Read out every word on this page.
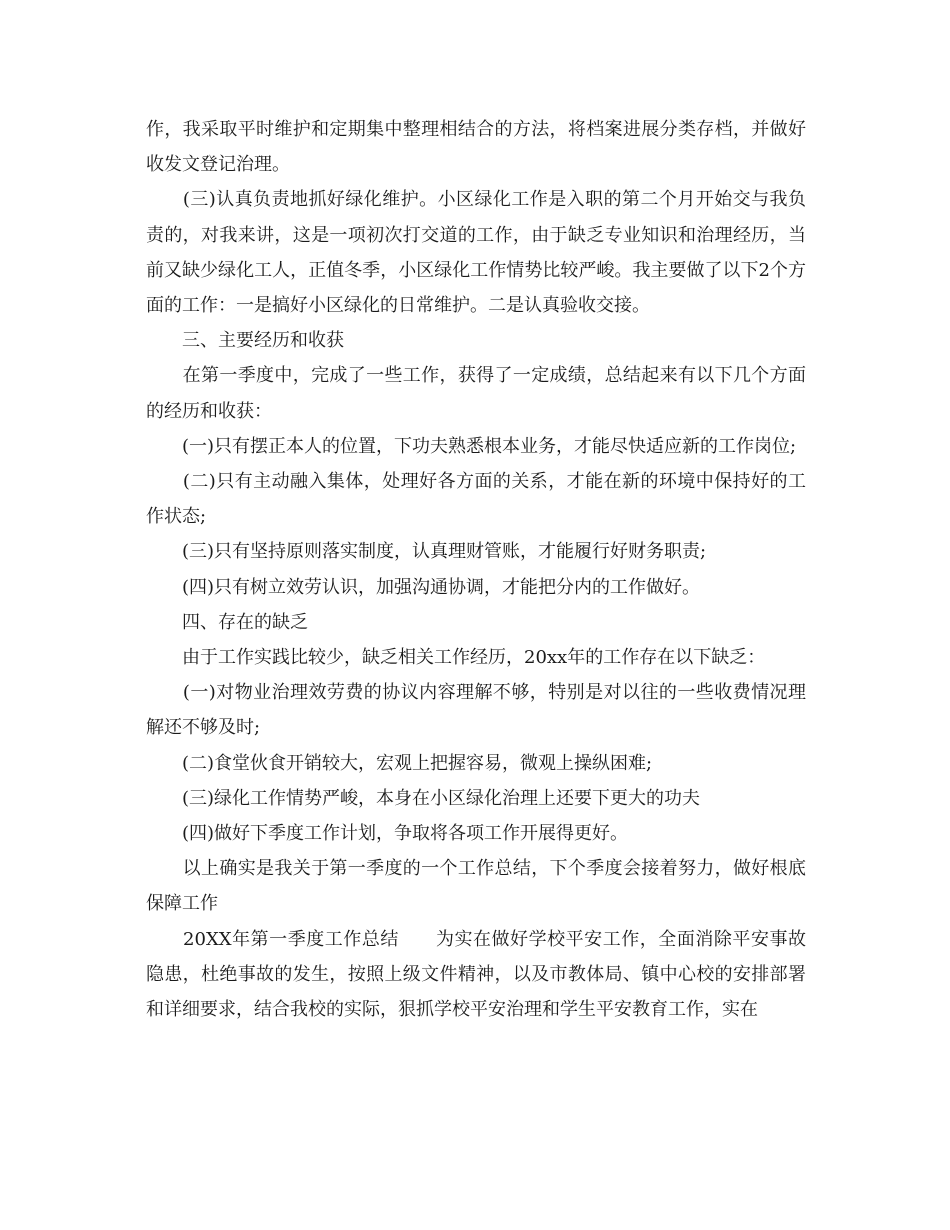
作，我采取平时维护和定期集中整理相结合的方法，将档案进展分类存档，并做好收发文登记治理。

　　(三)认真负责地抓好绿化维护。小区绿化工作是入职的第二个月开始交与我负责的，对我来讲，这是一项初次打交道的工作，由于缺乏专业知识和治理经历，当前又缺少绿化工人，正值冬季，小区绿化工作情势比较严峻。我主要做了以下2个方面的工作：一是搞好小区绿化的日常维护。二是认真验收交接。

　　三、主要经历和收获

　　在第一季度中，完成了一些工作，获得了一定成绩，总结起来有以下几个方面的经历和收获：

　　(一)只有摆正本人的位置，下功夫熟悉根本业务，才能尽快适应新的工作岗位;

　　(二)只有主动融入集体，处理好各方面的关系，才能在新的环境中保持好的工作状态;

　　(三)只有坚持原则落实制度，认真理财管账，才能履行好财务职责;

　　(四)只有树立效劳认识，加强沟通协调，才能把分内的工作做好。

　　四、存在的缺乏

　　由于工作实践比较少，缺乏相关工作经历，20xx年的工作存在以下缺乏：

　　(一)对物业治理效劳费的协议内容理解不够，特别是对以往的一些收费情况理解还不够及时;

　　(二)食堂伙食开销较大，宏观上把握容易，微观上操纵困难;

　　(三)绿化工作情势严峻，本身在小区绿化治理上还要下更大的功夫

　　(四)做好下季度工作计划，争取将各项工作开展得更好。

　　以上确实是我关于第一季度的一个工作总结，下个季度会接着努力，做好根底保障工作

　　20XX年第一季度工作总结　　为实在做好学校平安工作，全面消除平安事故隐患，杜绝事故的发生，按照上级文件精神，以及市教体局、镇中心校的安排部署和详细要求，结合我校的实际，狠抓学校平安治理和学生平安教育工作，实在
